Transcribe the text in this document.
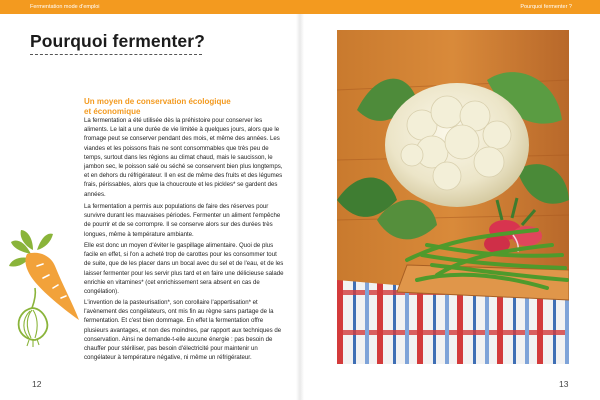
Fermentation mode d'emploi	Pourquoi fermenter ?
Pourquoi fermenter?
Un moyen de conservation écologique
et économique

La fermentation a été utilisée dès la préhistoire pour conserver les aliments. Le lait a une durée de vie limitée à quelques jours, alors que le fromage peut se conserver pendant des mois, et même des années. Les viandes et les poissons frais ne sont consommables que très peu de temps, surtout dans les régions au climat chaud, mais le saucisson, le jambon sec, le poisson salé ou séché se conservent bien plus longtemps, et en dehors du réfrigérateur. Il en est de même des fruits et des légumes frais, périssables, alors que la choucroute et les pickles* se gardent des années.

La fermentation a permis aux populations de faire des réserves pour survivre durant les mauvaises périodes. Fermenter un aliment l'empêche de pourrir et de se corrompre. Il se conserve alors sur des durées très longues, même à température ambiante.

Elle est donc un moyen d'éviter le gaspillage alimentaire. Quoi de plus facile en effet, si l'on a acheté trop de carottes pour les consommer tout de suite, que de les placer dans un bocal avec du sel et de l'eau, et de les laisser fermenter pour les servir plus tard et en faire une délicieuse salade enrichie en vitamines* (cet enrichissement sera absent en cas de congélation).

L'invention de la pasteurisation*, son corollaire l'appertisation* et l'avènement des congélateurs, ont mis fin au règne sans partage de la fermentation. Et c'est bien dommage. En effet la fermentation offre plusieurs avantages, et non des moindres, par rapport aux techniques de conservation. Ainsi ne demande-t-elle aucune énergie : pas besoin de chauffer pour stériliser, pas besoin d'électricité pour maintenir un congélateur à température négative, ni même un réfrigérateur.

12	13
